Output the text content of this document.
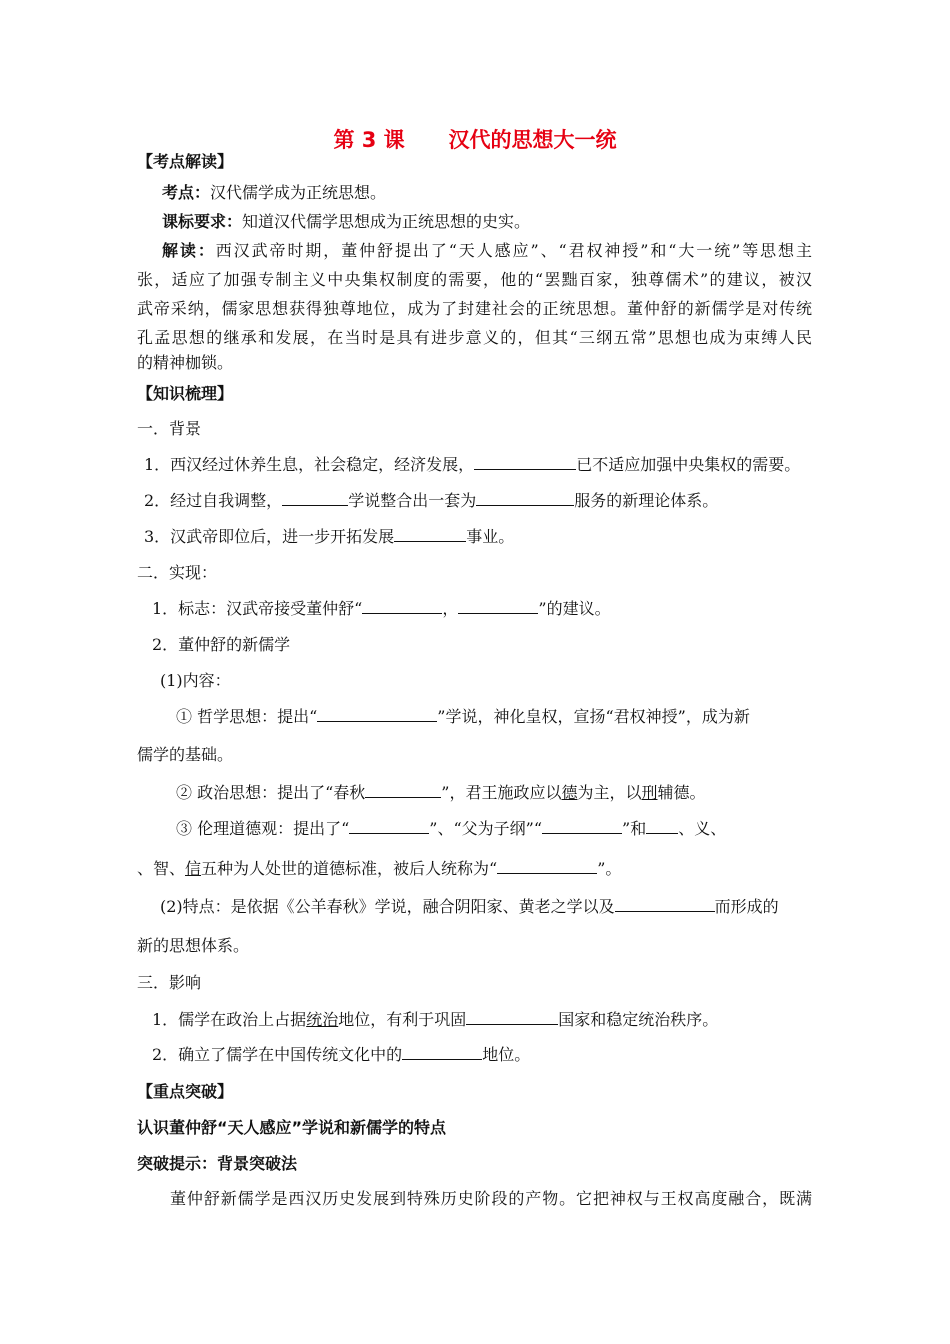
第 3 课      汉代的思想大一统
【考点解读】
考点：汉代儒学成为正统思想。
课标要求：知道汉代儒学思想成为正统思想的史实。
解读：西汉武帝时期，董仲舒提出了“天人感应”、“君权神授”和“大一统”等思想主
张，适应了加强专制主义中央集权制度的需要，他的“罢黜百家，独尊儒术”的建议，被汉
武帝采纳，儒家思想获得独尊地位，成为了封建社会的正统思想。董仲舒的新儒学是对传统
孔孟思想的继承和发展，在当时是具有进步意义的，但其“三纲五常”思想也成为束缚人民
的精神枷锁。
【知识梳理】
一．背景
1．西汉经过休养生息，社会稳定，经济发展，	已不适应加强中央集权的需要。
2．经过自我调整，	学说整合出一套为	服务的新理论体系。
3．汉武帝即位后，进一步开拓发展	事业。
二．实现：
1．标志：汉武帝接受董仲舒“	，	”的建议。
2．董仲舒的新儒学
(1)内容：
① 哲学思想：提出“	”学说，神化皇权，宣扬“君权神授”，成为新
儒学的基础。
② 政治思想：提出了“春秋	”，君王施政应以德为主，以刑辅德。
③ 伦理道德观：提出了“	”、“父为子纲”“	”和 、义、
、智、信五种为人处世的道德标准，被后人统称为“	”。
(2)特点：是依据《公羊春秋》学说，融合阴阳家、黄老之学以及	而形成的
新的思想体系。
三．影响
1．儒学在政治上占据统治地位，有利于巩固	国家和稳定统治秩序。
2．确立了儒学在中国传统文化中的	地位。
【重点突破】
认识董仲舒“天人感应”学说和新儒学的特点
突破提示：背景突破法
董仲舒新儒学是西汉历史发展到特殊历史阶段的产物。它把神权与王权高度融合，既满
